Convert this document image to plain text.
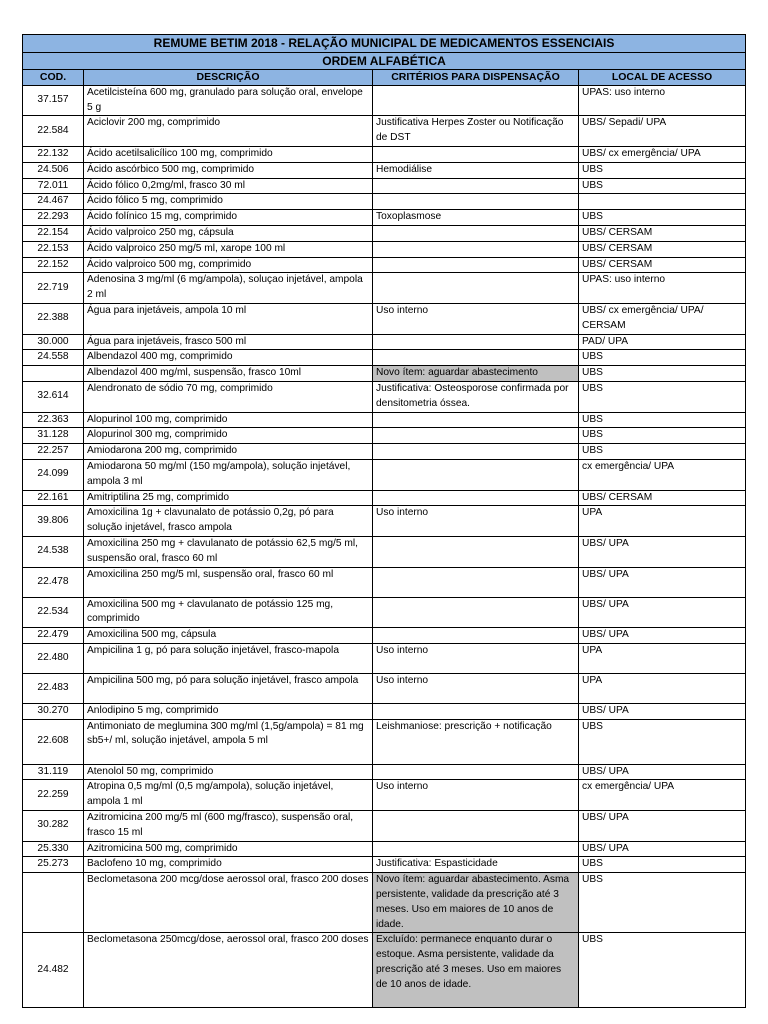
REMUME BETIM 2018 - RELAÇÃO MUNICIPAL DE MEDICAMENTOS ESSENCIAIS			
ORDEM ALFABÉTICA			
COD.	DESCRIÇÃO	CRITÉRIOS PARA DISPENSAÇÃO	LOCAL DE ACESSO
37.157	Acetilcisteína 600 mg, granulado para solução oral, envelope 5 g		UPAS: uso interno
22.584	Aciclovir 200 mg, comprimido	Justificativa Herpes Zoster ou Notificação de DST	UBS/ Sepadi/ UPA
22.132	Ácido acetilsalicílico 100 mg, comprimido		UBS/ cx emergência/ UPA
24.506	Ácido ascórbico 500 mg, comprimido	Hemodiálise	UBS
72.011	Ácido fólico 0,2mg/ml, frasco 30 ml		UBS
24.467	Ácido fólico 5 mg, comprimido		
22.293	Ácido folínico 15 mg, comprimido	Toxoplasmose	UBS
22.154	Ácido valproico 250 mg, cápsula		UBS/ CERSAM
22.153	Ácido valproico 250 mg/5 ml, xarope 100 ml		UBS/ CERSAM
22.152	Ácido valproico 500 mg, comprimido		UBS/ CERSAM
22.719	Adenosina 3 mg/ml (6 mg/ampola), soluçao injetável, ampola 2 ml		UPAS: uso interno
22.388	Água para injetáveis, ampola 10 ml	Uso interno	UBS/ cx emergência/ UPA/ CERSAM
30.000	Água para injetáveis, frasco 500 ml		PAD/ UPA
24.558	Albendazol 400 mg, comprimido		UBS
	Albendazol 400 mg/ml, suspensão, frasco 10ml	Novo ítem: aguardar abastecimento	UBS
32.614	Alendronato de sódio 70 mg, comprimido	Justificativa: Osteosporose confirmada por densitometria óssea.	UBS
22.363	Alopurinol 100 mg, comprimido		UBS
31.128	Alopurinol 300 mg, comprimido		UBS
22.257	Amiodarona 200 mg, comprimido		UBS
24.099	Amiodarona 50 mg/ml (150 mg/ampola), solução injetável, ampola 3 ml		cx emergência/ UPA
22.161	Amitriptilina 25 mg, comprimido		UBS/ CERSAM
39.806	Amoxicilina 1g + clavunalato de potássio 0,2g, pó para solução injetável, frasco ampola	Uso interno	UPA
24.538	Amoxicilina 250 mg + clavulanato de potássio 62,5 mg/5 ml, suspensão oral, frasco 60 ml		UBS/ UPA
22.478	Amoxicilina 250 mg/5 ml, suspensão oral, frasco 60 ml		UBS/ UPA
22.534	Amoxicilina 500 mg + clavulanato de potássio 125 mg, comprimido		UBS/ UPA
22.479	Amoxicilina 500 mg, cápsula		UBS/ UPA
22.480	Ampicilina 1 g, pó para solução injetável, frasco-mapola	Uso interno	UPA
22.483	Ampicilina 500 mg, pó para solução injetável, frasco ampola	Uso interno	UPA
30.270	Anlodipino 5 mg, comprimido		UBS/ UPA
22.608	Antimoniato de meglumina 300 mg/ml (1,5g/ampola) = 81 mg sb5+/ ml, solução injetável, ampola 5 ml	Leishmaniose: prescrição + notificação	UBS
31.119	Atenolol 50 mg, comprimido		UBS/ UPA
22.259	Atropina 0,5 mg/ml (0,5 mg/ampola), solução injetável, ampola 1 ml	Uso interno	cx emergência/ UPA
30.282	Azitromicina 200 mg/5 ml (600 mg/frasco), suspensão oral, frasco 15 ml		UBS/ UPA
25.330	Azitromicina 500 mg, comprimido		UBS/ UPA
25.273	Baclofeno 10 mg, comprimido	Justificativa: Espasticidade	UBS
	Beclometasona 200 mcg/dose aerossol oral, frasco 200 doses	Novo ítem: aguardar abastecimento. Asma persistente, validade da prescrição até 3 meses. Uso em maiores de 10 anos de idade.	UBS
24.482	Beclometasona 250mcg/dose, aerossol oral, frasco 200 doses	Excluído: permanece enquanto durar o estoque. Asma persistente, validade da prescrição até 3 meses. Uso em maiores de 10 anos de idade.	UBS
